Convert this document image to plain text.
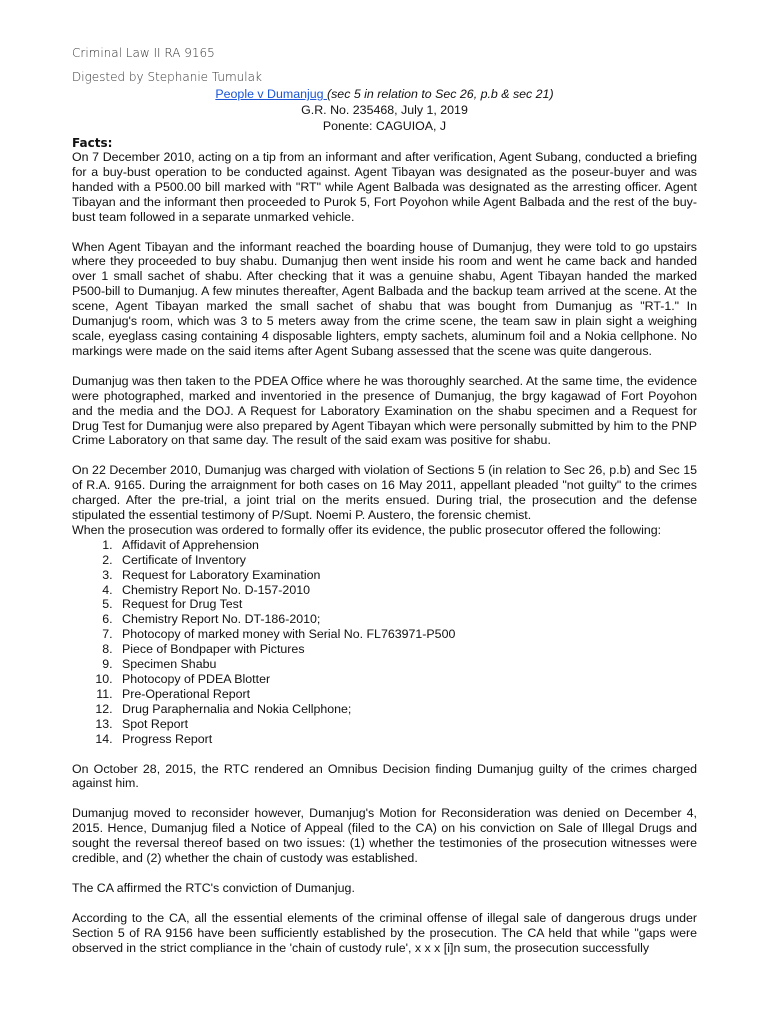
Criminal Law II RA 9165

Digested by Stephanie Tumulak

People v Dumanjug (sec 5 in relation to Sec 26, p.b & sec 21)

G.R. No. 235468, July 1, 2019

Ponente: CAGUIOA, J

Facts:

On 7 December 2010, acting on a tip from an informant and after verification, Agent Subang, conducted a briefing for a buy-bust operation to be conducted against. Agent Tibayan was designated as the poseur-buyer and was handed with a P500.00 bill marked with "RT" while Agent Balbada was designated as the arresting officer. Agent Tibayan and the informant then proceeded to Purok 5, Fort Poyohon while Agent Balbada and the rest of the buy-bust team followed in a separate unmarked vehicle.

When Agent Tibayan and the informant reached the boarding house of Dumanjug, they were told to go upstairs where they proceeded to buy shabu. Dumanjug then went inside his room and went he came back and handed over 1 small sachet of shabu. After checking that it was a genuine shabu, Agent Tibayan handed the marked P500-bill to Dumanjug. A few minutes thereafter, Agent Balbada and the backup team arrived at the scene. At the scene, Agent Tibayan marked the small sachet of shabu that was bought from Dumanjug as "RT-1." In Dumanjug's room, which was 3 to 5 meters away from the crime scene, the team saw in plain sight a weighing scale, eyeglass casing containing 4 disposable lighters, empty sachets, aluminum foil and a Nokia cellphone. No markings were made on the said items after Agent Subang assessed that the scene was quite dangerous.

Dumanjug was then taken to the PDEA Office where he was thoroughly searched. At the same time, the evidence were photographed, marked and inventoried in the presence of Dumanjug, the brgy kagawad of Fort Poyohon and the media and the DOJ. A Request for Laboratory Examination on the shabu specimen and a Request for Drug Test for Dumanjug were also prepared by Agent Tibayan which were personally submitted by him to the PNP Crime Laboratory on that same day. The result of the said exam was positive for shabu.

On 22 December 2010, Dumanjug was charged with violation of Sections 5 (in relation to Sec 26, p.b) and Sec 15 of R.A. 9165. During the arraignment for both cases on 16 May 2011, appellant pleaded "not guilty" to the crimes charged. After the pre-trial, a joint trial on the merits ensued. During trial, the prosecution and the defense stipulated the essential testimony of P/Supt. Noemi P. Austero, the forensic chemist.

When the prosecution was ordered to formally offer its evidence, the public prosecutor offered the following:

1. Affidavit of Apprehension
2. Certificate of Inventory
3. Request for Laboratory Examination
4. Chemistry Report No. D-157-2010
5. Request for Drug Test
6. Chemistry Report No. DT-186-2010;
7. Photocopy of marked money with Serial No. FL763971-P500
8. Piece of Bondpaper with Pictures
9. Specimen Shabu
10. Photocopy of PDEA Blotter
11. Pre-Operational Report
12. Drug Paraphernalia and Nokia Cellphone;
13. Spot Report
14. Progress Report

On October 28, 2015, the RTC rendered an Omnibus Decision finding Dumanjug guilty of the crimes charged against him.

Dumanjug moved to reconsider however, Dumanjug's Motion for Reconsideration was denied on December 4, 2015. Hence, Dumanjug filed a Notice of Appeal (filed to the CA) on his conviction on Sale of Illegal Drugs and sought the reversal thereof based on two issues: (1) whether the testimonies of the prosecution witnesses were credible, and (2) whether the chain of custody was established.

The CA affirmed the RTC's conviction of Dumanjug.

According to the CA, all the essential elements of the criminal offense of illegal sale of dangerous drugs under Section 5 of RA 9156 have been sufficiently established by the prosecution. The CA held that while "gaps were observed in the strict compliance in the 'chain of custody rule', x x x [i]n sum, the prosecution successfully
